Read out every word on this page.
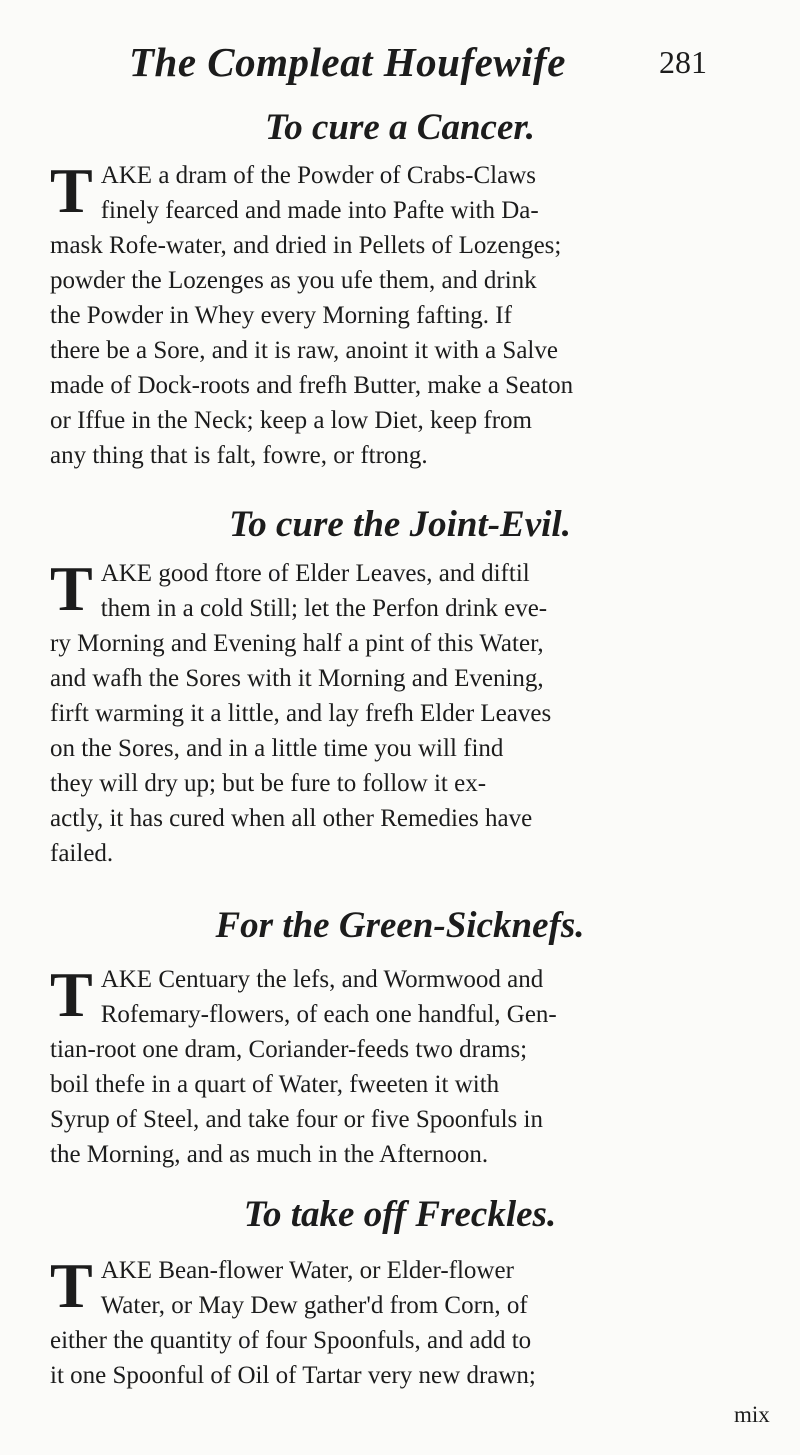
The Compleat Houfewife	281
To cure a Cancer.
T AKE a dram of the Powder of Crabs-Claws
finely fearced and made into Pafte with Da-
mask Rofe-water, and dried in Pellets of Lozenges;
powder the Lozenges as you ufe them, and drink
the Powder in Whey every Morning fafting. If
there be a Sore, and it is raw, anoint it with a Salve
made of Dock-roots and frefh Butter, make a Seaton
or Iffue in the Neck; keep a low Diet, keep from
any thing that is falt, fowre, or ftrong.
To cure the Joint-Evil.
T AKE good ftore of Elder Leaves, and diftil
them in a cold Still; let the Perfon drink eve-
ry Morning and Evening half a pint of this Water,
and wafh the Sores with it Morning and Evening,
firft warming it a little, and lay frefh Elder Leaves
on the Sores, and in a little time you will find
they will dry up; but be fure to follow it ex-
actly, it has cured when all other Remedies have
failed.
For the Green-Sicknefs.
T AKE Centuary the lefs, and Wormwood and
Rofemary-flowers, of each one handful, Gen-
tian-root one dram, Coriander-feeds two drams;
boil thefe in a quart of Water, fweeten it with
Syrup of Steel, and take four or five Spoonfuls in
the Morning, and as much in the Afternoon.
To take off Freckles.
T AKE Bean-flower Water, or Elder-flower
Water, or May Dew gather'd from Corn, of
either the quantity of four Spoonfuls, and add to
it one Spoonful of Oil of Tartar very new drawn;
mix
